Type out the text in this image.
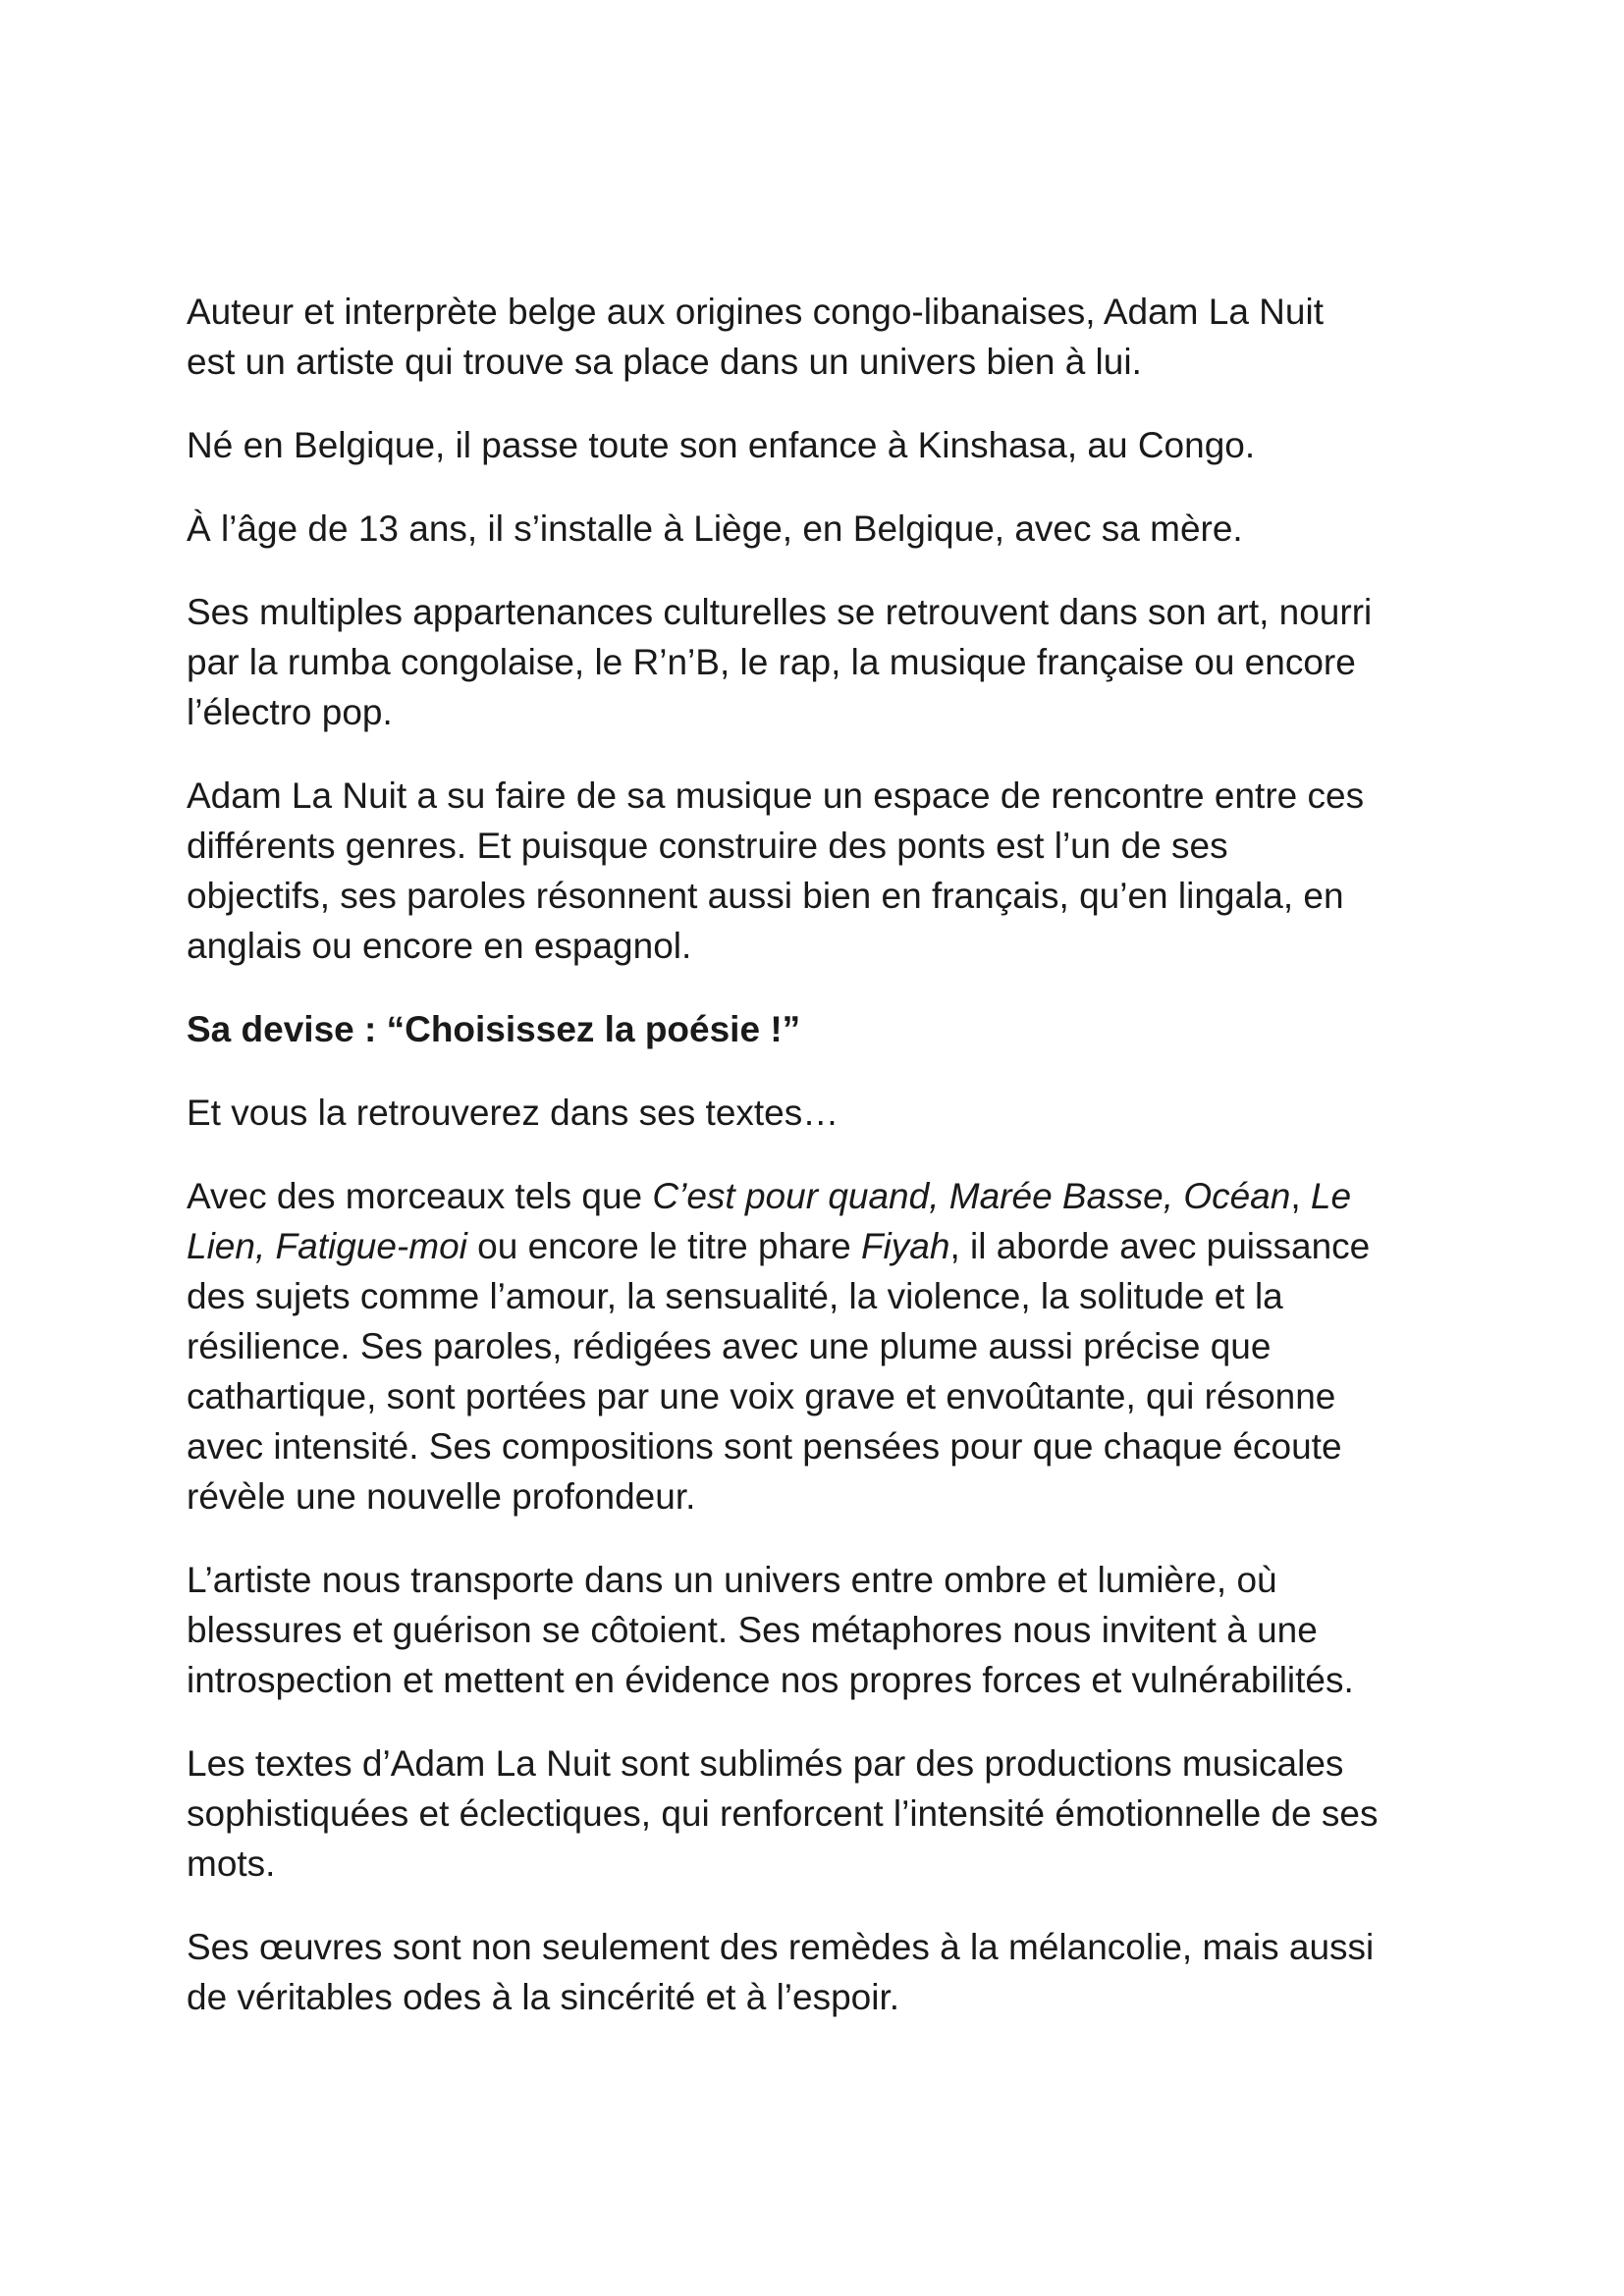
Auteur et interprète belge aux origines congo-libanaises, Adam La Nuit
est un artiste qui trouve sa place dans un univers bien à lui.

Né en Belgique, il passe toute son enfance à Kinshasa, au Congo.

À l’âge de 13 ans, il s’installe à Liège, en Belgique, avec sa mère.

Ses multiples appartenances culturelles se retrouvent dans son art, nourri
par la rumba congolaise, le R’n’B, le rap, la musique française ou encore
l’électro pop.

Adam La Nuit a su faire de sa musique un espace de rencontre entre ces
différents genres. Et puisque construire des ponts est l’un de ses
objectifs, ses paroles résonnent aussi bien en français, qu’en lingala, en
anglais ou encore en espagnol.

Sa devise : “Choisissez la poésie !”

Et vous la retrouverez dans ses textes…

Avec des morceaux tels que C’est pour quand, Marée Basse, Océan, Le
Lien, Fatigue-moi ou encore le titre phare Fiyah, il aborde avec puissance
des sujets comme l’amour, la sensualité, la violence, la solitude et la
résilience. Ses paroles, rédigées avec une plume aussi précise que
cathartique, sont portées par une voix grave et envoûtante, qui résonne
avec intensité. Ses compositions sont pensées pour que chaque écoute
révèle une nouvelle profondeur.

L’artiste nous transporte dans un univers entre ombre et lumière, où
blessures et guérison se côtoient. Ses métaphores nous invitent à une
introspection et mettent en évidence nos propres forces et vulnérabilités.

Les textes d’Adam La Nuit sont sublimés par des productions musicales
sophistiquées et éclectiques, qui renforcent l’intensité émotionnelle de ses
mots.

Ses œuvres sont non seulement des remèdes à la mélancolie, mais aussi
de véritables odes à la sincérité et à l’espoir.
